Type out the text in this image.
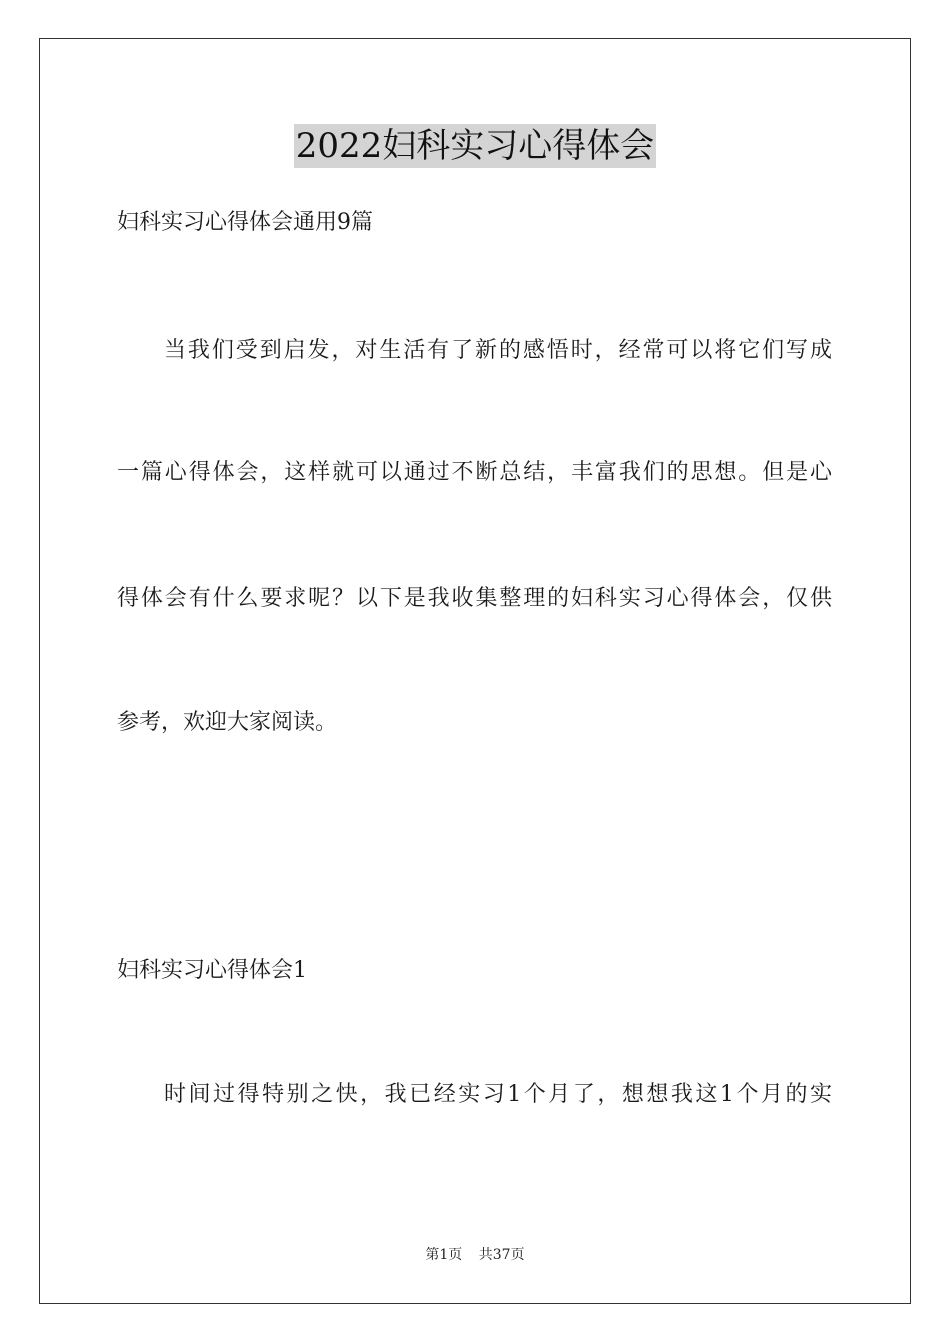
2022妇科实习心得体会

妇科实习心得体会通用9篇

当我们受到启发，对生活有了新的感悟时，经常可以将它们写成

一篇心得体会，这样就可以通过不断总结，丰富我们的思想。但是心

得体会有什么要求呢？以下是我收集整理的妇科实习心得体会，仅供

参考，欢迎大家阅读。

妇科实习心得体会1

时间过得特别之快，我已经实习1个月了，想想我这1个月的实

第1页 共37页
